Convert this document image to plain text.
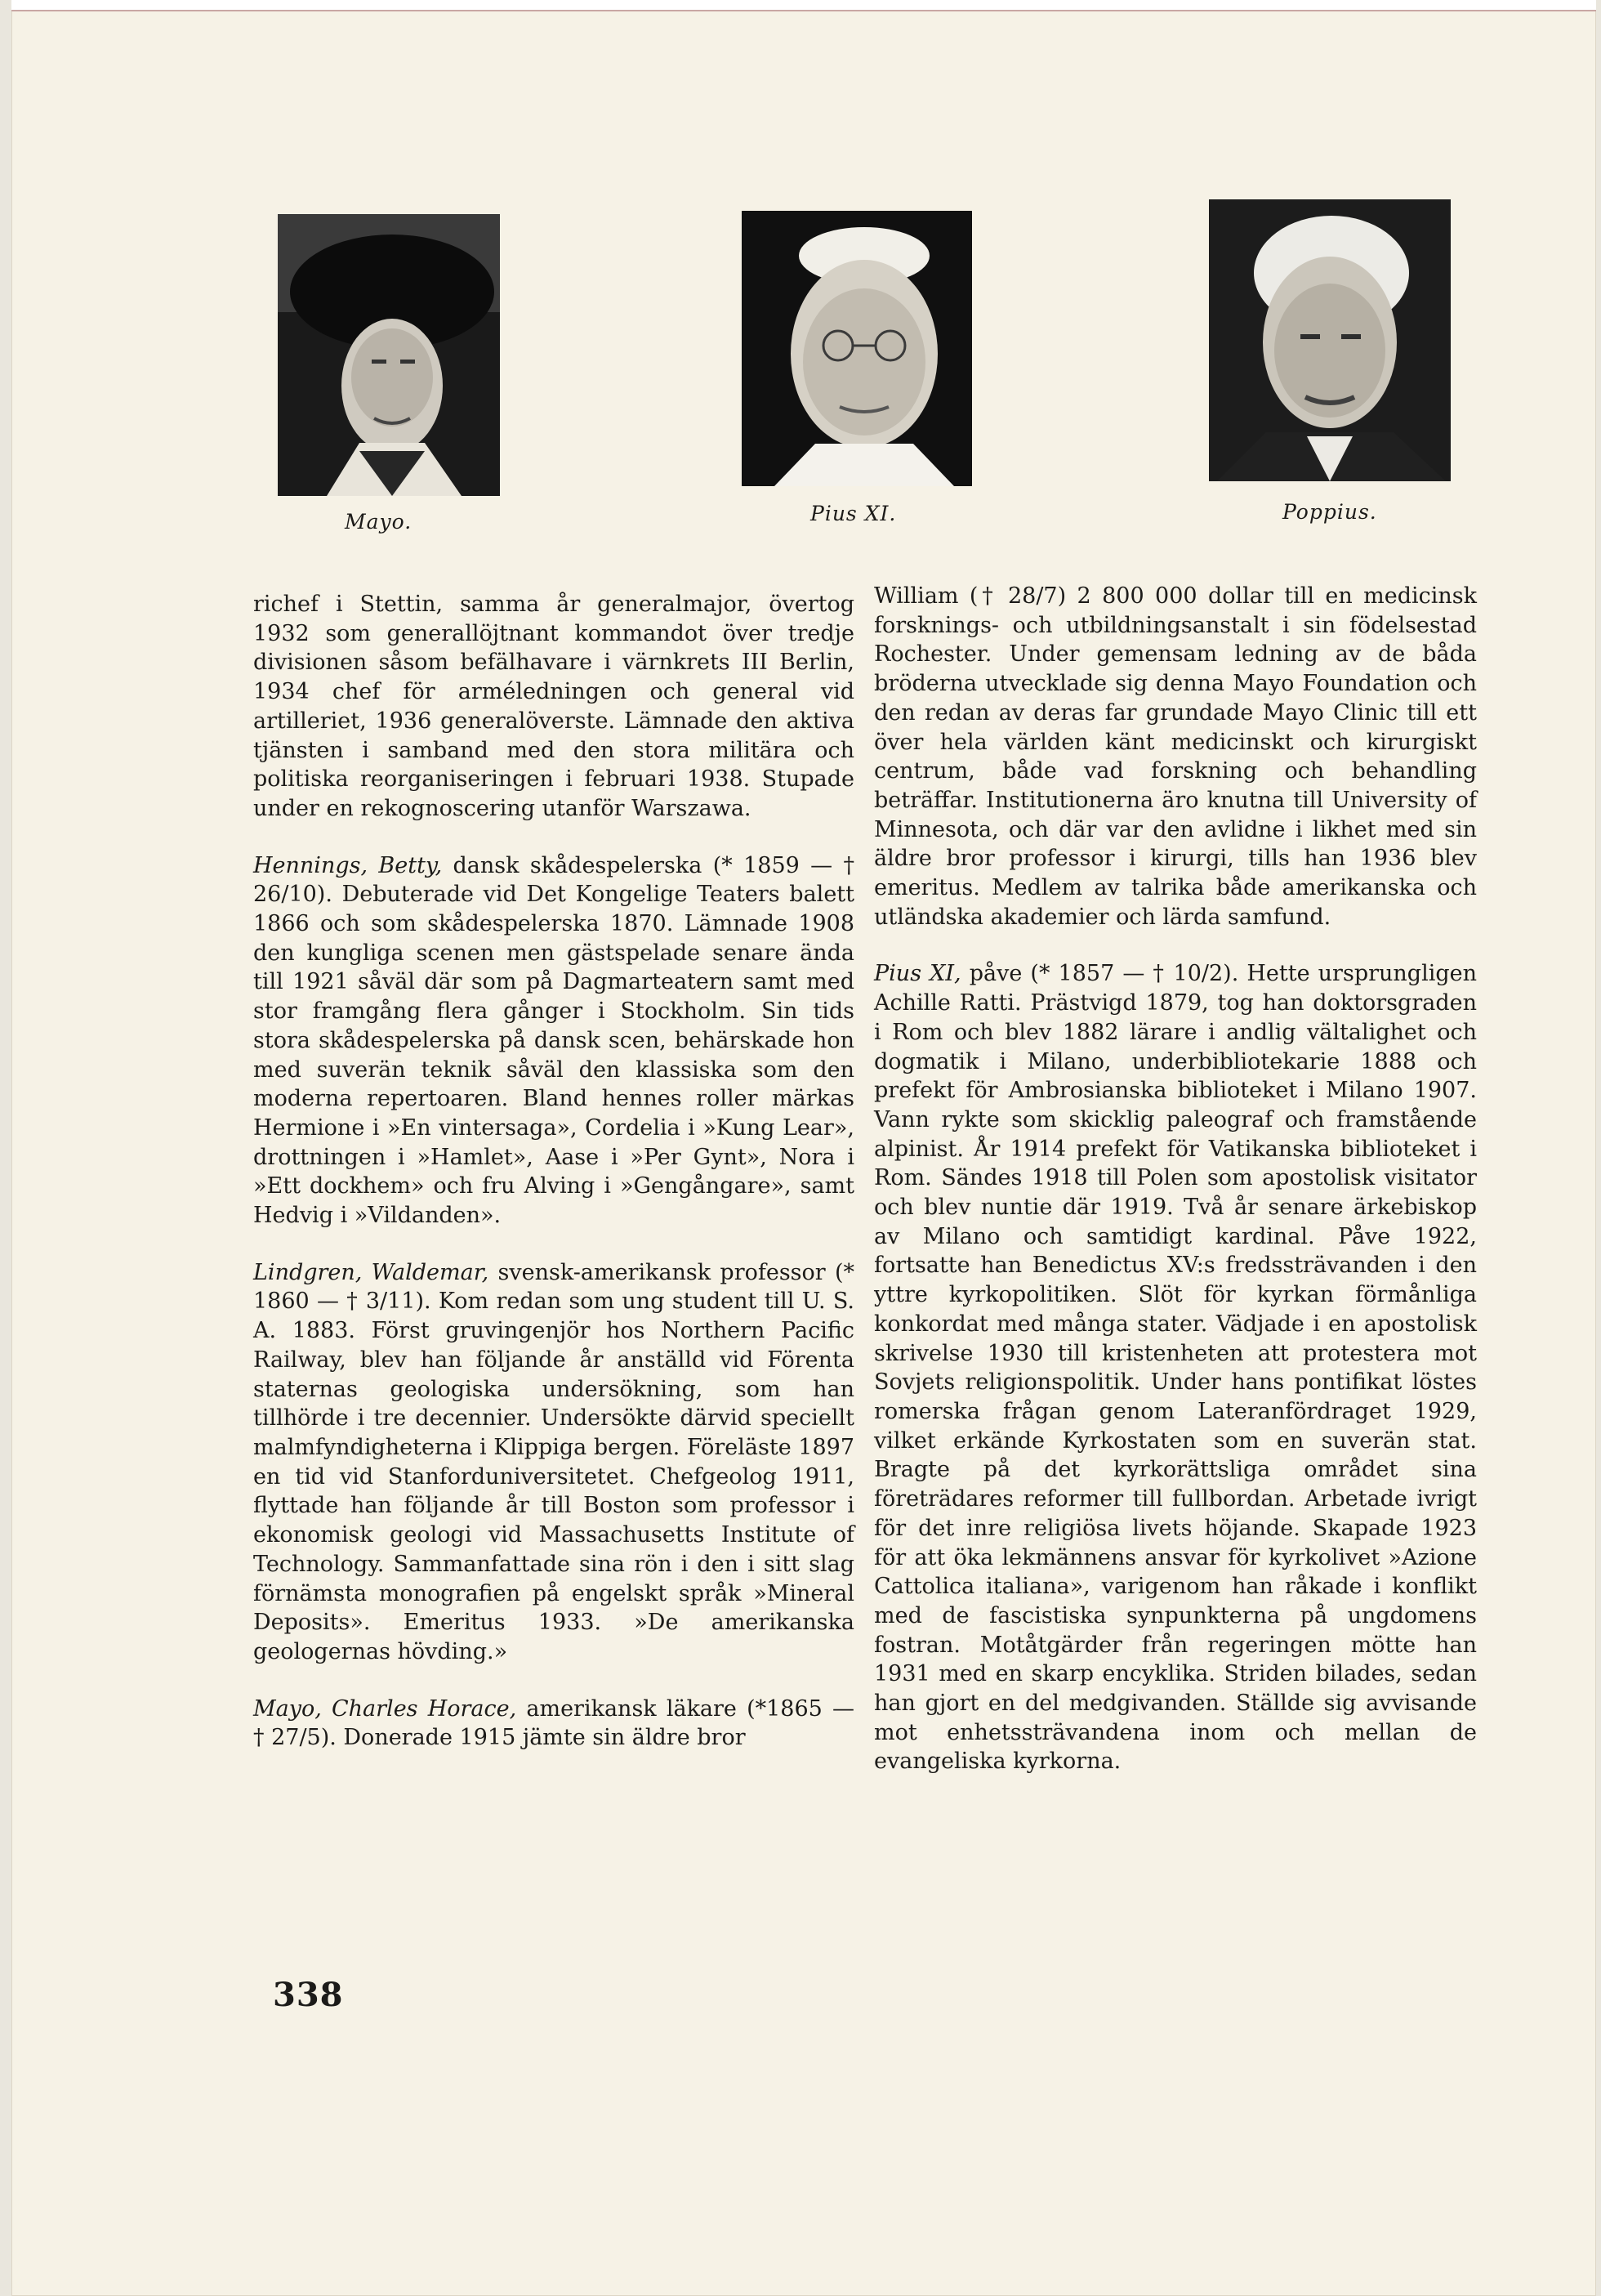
Mayo.	Pius XI.	Poppius.

richef i Stettin, samma år generalmajor, övertog 1932 som generallöjtnant kommandot över tredje divisionen såsom befälhavare i värnkrets III Berlin, 1934 chef för arméledningen och general vid artilleriet, 1936 generalöverste. Lämnade den aktiva tjänsten i samband med den stora militära och politiska reorganiseringen i februari 1938. Stupade under en rekognoscering utanför Warszawa.

Hennings, Betty, dansk skådespelerska (* 1859 — † 26/10). Debuterade vid Det Kongelige Teaters balett 1866 och som skådespelerska 1870. Lämnade 1908 den kungliga scenen men gästspelade senare ända till 1921 såväl där som på Dagmarteatern samt med stor framgång flera gånger i Stockholm. Sin tids stora skådespelerska på dansk scen, behärskade hon med suverän teknik såväl den klassiska som den moderna repertoaren. Bland hennes roller märkas Hermione i »En vintersaga», Cordelia i »Kung Lear», drottningen i »Hamlet», Aase i »Per Gynt», Nora i »Ett dockhem» och fru Alving i »Gengångare», samt Hedvig i »Vildanden».

Lindgren, Waldemar, svensk-amerikansk professor (* 1860 — † 3/11). Kom redan som ung student till U. S. A. 1883. Först gruvingenjör hos Northern Pacific Railway, blev han följande år anställd vid Förenta staternas geologiska undersökning, som han tillhörde i tre decennier. Undersökte därvid speciellt malmfyndigheterna i Klippiga bergen. Föreläste 1897 en tid vid Stanforduniversitetet. Chefgeolog 1911, flyttade han följande år till Boston som professor i ekonomisk geologi vid Massachusetts Institute of Technology. Sammanfattade sina rön i den i sitt slag förnämsta monografien på engelskt språk »Mineral Deposits». Emeritus 1933. »De amerikanska geologernas hövding.»

Mayo, Charles Horace, amerikansk läkare (*1865 — † 27/5). Donerade 1915 jämte sin äldre bror

William († 28/7) 2 800 000 dollar till en medicinsk forsknings- och utbildningsanstalt i sin födelsestad Rochester. Under gemensam ledning av de båda bröderna utvecklade sig denna Mayo Foundation och den redan av deras far grundade Mayo Clinic till ett över hela världen känt medicinskt och kirurgiskt centrum, både vad forskning och behandling beträffar. Institutionerna äro knutna till University of Minnesota, och där var den avlidne i likhet med sin äldre bror professor i kirurgi, tills han 1936 blev emeritus. Medlem av talrika både amerikanska och utländska akademier och lärda samfund.

Pius XI, påve (* 1857 — † 10/2). Hette ursprungligen Achille Ratti. Prästvigd 1879, tog han doktorsgraden i Rom och blev 1882 lärare i andlig vältalighet och dogmatik i Milano, underbibliotekarie 1888 och prefekt för Ambrosianska biblioteket i Milano 1907. Vann rykte som skicklig paleograf och framstående alpinist. År 1914 prefekt för Vatikanska biblioteket i Rom. Sändes 1918 till Polen som apostolisk visitator och blev nuntie där 1919. Två år senare ärkebiskop av Milano och samtidigt kardinal. Påve 1922, fortsatte han Benedictus XV:s fredssträvanden i den yttre kyrkopolitiken. Slöt för kyrkan förmånliga konkordat med många stater. Vädjade i en apostolisk skrivelse 1930 till kristenheten att protestera mot Sovjets religionspolitik. Under hans pontifikat löstes romerska frågan genom Lateranfördraget 1929, vilket erkände Kyrkostaten som en suverän stat. Bragte på det kyrkorättsliga området sina företrädares reformer till fullbordan. Arbetade ivrigt för det inre religiösa livets höjande. Skapade 1923 för att öka lekmännens ansvar för kyrkolivet »Azione Cattolica italiana», varigenom han råkade i konflikt med de fascistiska synpunkterna på ungdomens fostran. Motåtgärder från regeringen mötte han 1931 med en skarp encyklika. Striden bilades, sedan han gjort en del medgivanden. Ställde sig avvisande mot enhetssträvandena inom och mellan de evangeliska kyrkorna.

338
